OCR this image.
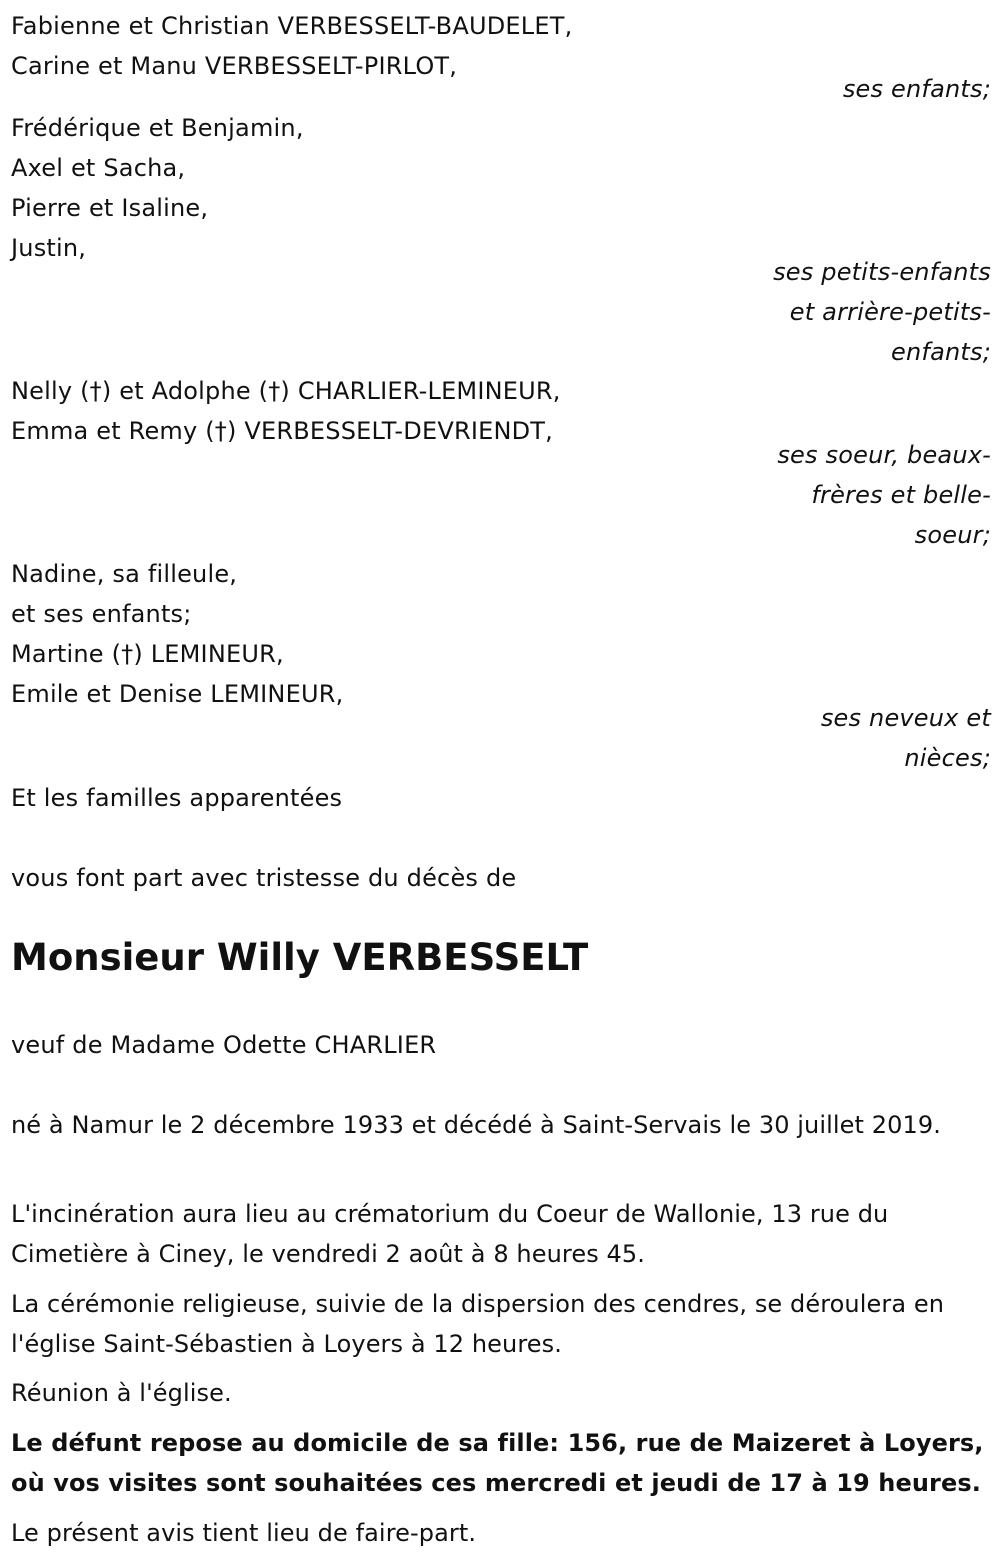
Fabienne et Christian VERBESSELT-BAUDELET,
Carine et Manu VERBESSELT-PIRLOT,
ses enfants;
Frédérique et Benjamin,
Axel et Sacha,
Pierre et Isaline,
Justin,
ses petits-enfants
et arrière-petits-
enfants;
Nelly (†) et Adolphe (†) CHARLIER-LEMINEUR,
Emma et Remy (†) VERBESSELT-DEVRIENDT,
ses soeur, beaux-
frères et belle-
soeur;
Nadine, sa filleule,
et ses enfants;
Martine (†) LEMINEUR,
Emile et Denise LEMINEUR,
ses neveux et
nièces;
Et les familles apparentées
vous font part avec tristesse du décès de
Monsieur Willy VERBESSELT
veuf de Madame Odette CHARLIER
né à Namur le 2 décembre 1933 et décédé à Saint-Servais le 30 juillet 2019.
L'incinération aura lieu au crématorium du Coeur de Wallonie, 13 rue du Cimetière à Ciney, le vendredi 2 août à 8 heures 45.
La cérémonie religieuse, suivie de la dispersion des cendres, se déroulera en l'église Saint-Sébastien à Loyers à 12 heures.
Réunion à l'église.
Le défunt repose au domicile de sa fille: 156, rue de Maizeret à Loyers, où vos visites sont souhaitées ces mercredi et jeudi de 17 à 19 heures.
Le présent avis tient lieu de faire-part.
